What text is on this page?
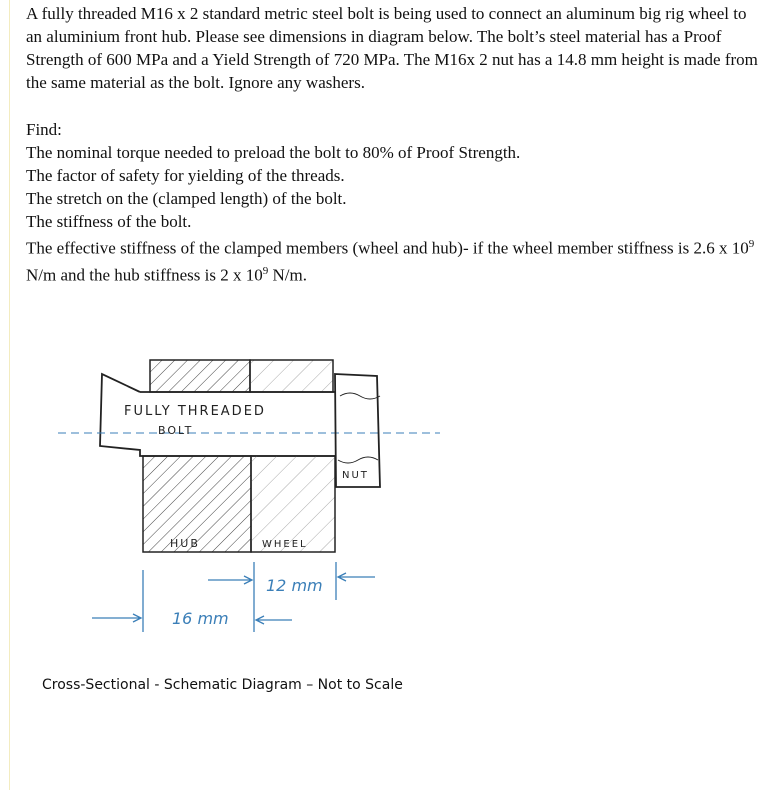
A fully threaded M16 x 2 standard metric steel bolt is being used to connect an aluminum big rig wheel to an aluminium front hub. Please see dimensions in diagram below. The bolt’s steel material has a Proof Strength of 600 MPa and a Yield Strength of 720 MPa. The M16x 2 nut has a 14.8 mm height is made from the same material as the bolt. Ignore any washers.

Find:

The nominal torque needed to preload the bolt to 80% of Proof Strength.

The factor of safety for yielding of the threads.

The stretch on the (clamped length) of the bolt.

The stiffness of the bolt.

The effective stiffness of the clamped members (wheel and hub)- if the wheel member stiffness is 2.6 x $10^9$ N/m and the hub stiffness is 2 x $10^9$ N/m.

FULLY THREADED
BOLT
HUB	WHEEL
NUT
12 mm
16 mm
Cross-Sectional - Schematic Diagram – Not to Scale
